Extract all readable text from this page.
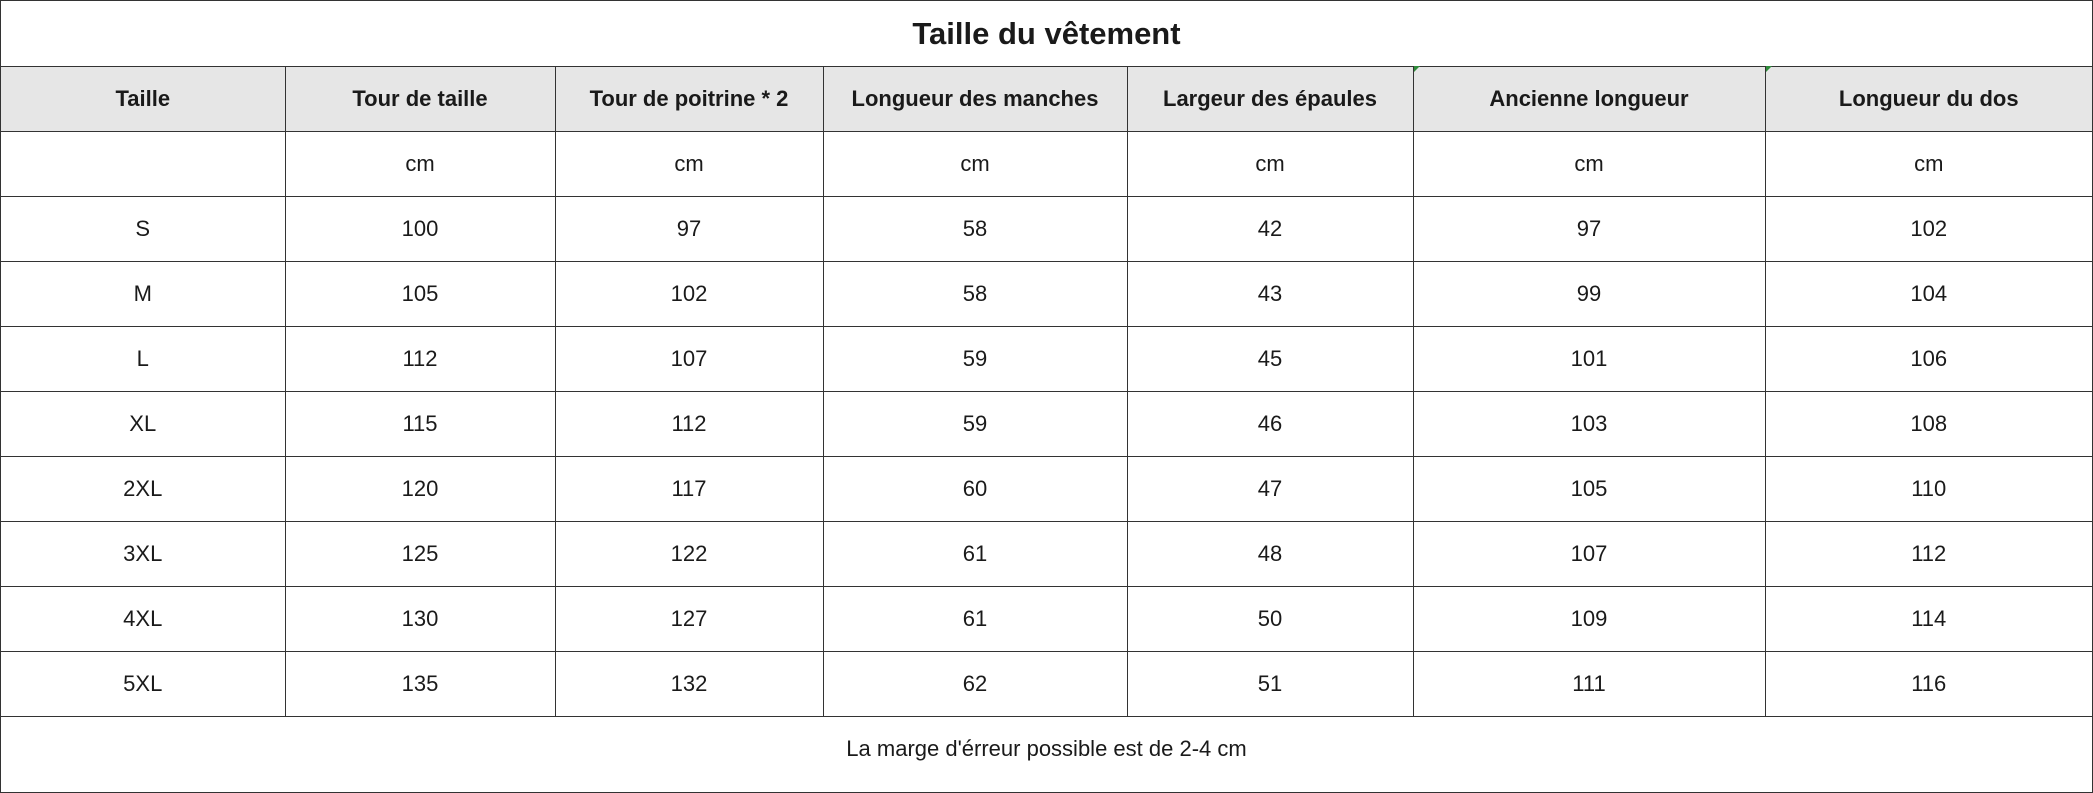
Taille du vêtement
Taille	Tour de taille	Tour de poitrine * 2	Longueur des manches	Largeur des épaules	Ancienne longueur	Longueur du dos
	cm	cm	cm	cm	cm	cm
S	100	97	58	42	97	102
M	105	102	58	43	99	104
L	112	107	59	45	101	106
XL	115	112	59	46	103	108
2XL	120	117	60	47	105	110
3XL	125	122	61	48	107	112
4XL	130	127	61	50	109	114
5XL	135	132	62	51	111	116
La marge d'érreur possible est de 2-4 cm						
